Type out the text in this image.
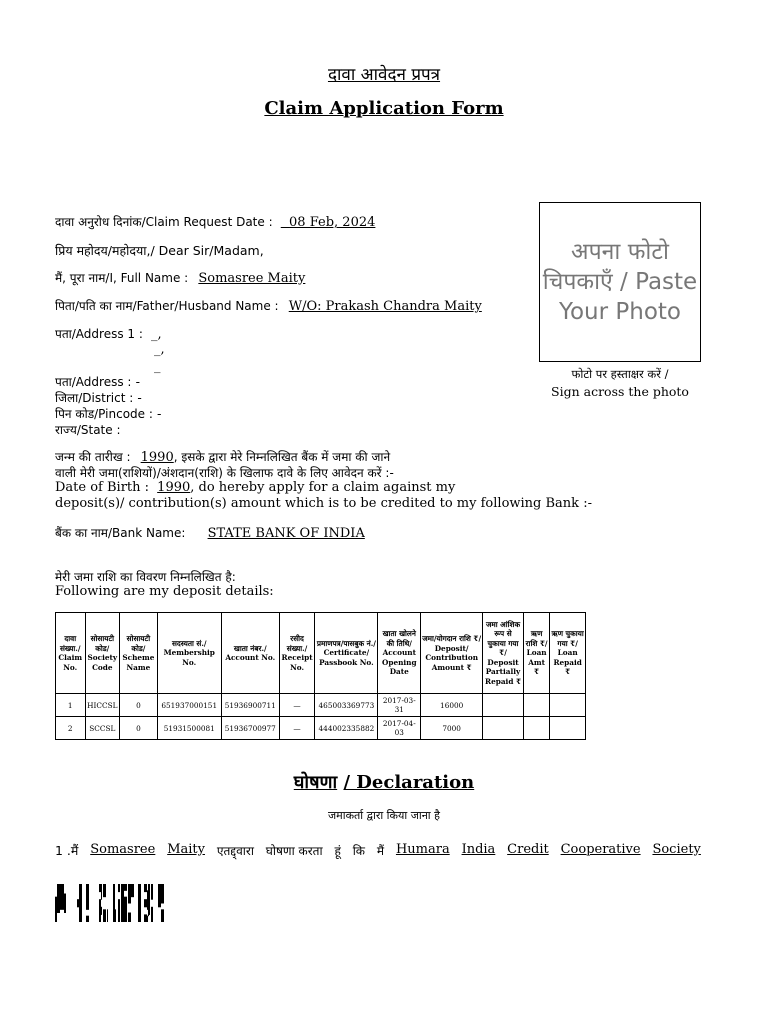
दावा आवेदन प्रपत्र
Claim Application Form
दावा अनुरोध दिनांक/Claim Request Date : 08 Feb, 2024
प्रिय महोदय/महोदया,/ Dear Sir/Madam,
मैं, पूरा नाम/I, Full Name : Somasree Maity
पिता/पति का नाम/Father/Husband Name : W/O: Prakash Chandra Maity
पता/Address 1 : _,
_,
_
पता/Address : -
जिला/District : -
पिन कोड/Pincode : -
राज्य/State :
अपना फोटो चिपकाएँ / Paste Your Photo
फोटो पर हस्ताक्षर करें /
Sign across the photo
जन्म की तारीख : 1990, इसके द्वारा मेरे निम्नलिखित बैंक में जमा की जाने
वाली मेरी जमा(राशियों)/अंशदान(राशि) के खिलाफ दावे के लिए आवेदन करें :-
Date of Birth : 1990, do hereby apply for a claim against my
deposit(s)/ contribution(s) amount which is to be credited to my following Bank :-
बैंक का नाम/Bank Name: STATE BANK OF INDIA
मेरी जमा राशि का विवरण निम्नलिखित है:
Following are my deposit details:
दावा संख्या./ Claim No.	सोसायटी कोड/ Society Code	सोसायटी कोड/ Scheme Name	सदस्यता सं./ Membership No.	खाता नंबर./ Account No.	रसीद संख्या./ Receipt No.	प्रमाणपत्र/पासबुक नं./ Certificate/ Passbook No.	खाता खोलने की तिथि/ Account Opening Date	जमा/योगदान राशि ₹/ Deposit/ Contribution Amount ₹	जमा आंशिक रूप से चुकाया गया ₹/ Deposit Partially Repaid ₹	ऋण राशि ₹/ Loan Amt ₹	ऋण चुकाया गया ₹/ Loan Repaid ₹
1	HICCSL	0	651937000151	51936900711	—	465003369773	2017-03-31	16000			
2	SCCSL	0	51931500081	51936700977	—	444002335882	2017-04-03	7000			
घोषणा / Declaration
जमाकर्ता द्वारा किया जाना है
1 .मैं Somasree Maity एतद्द्वारा घोषणा करता हूं कि मैं Humara India Credit Cooperative Society
